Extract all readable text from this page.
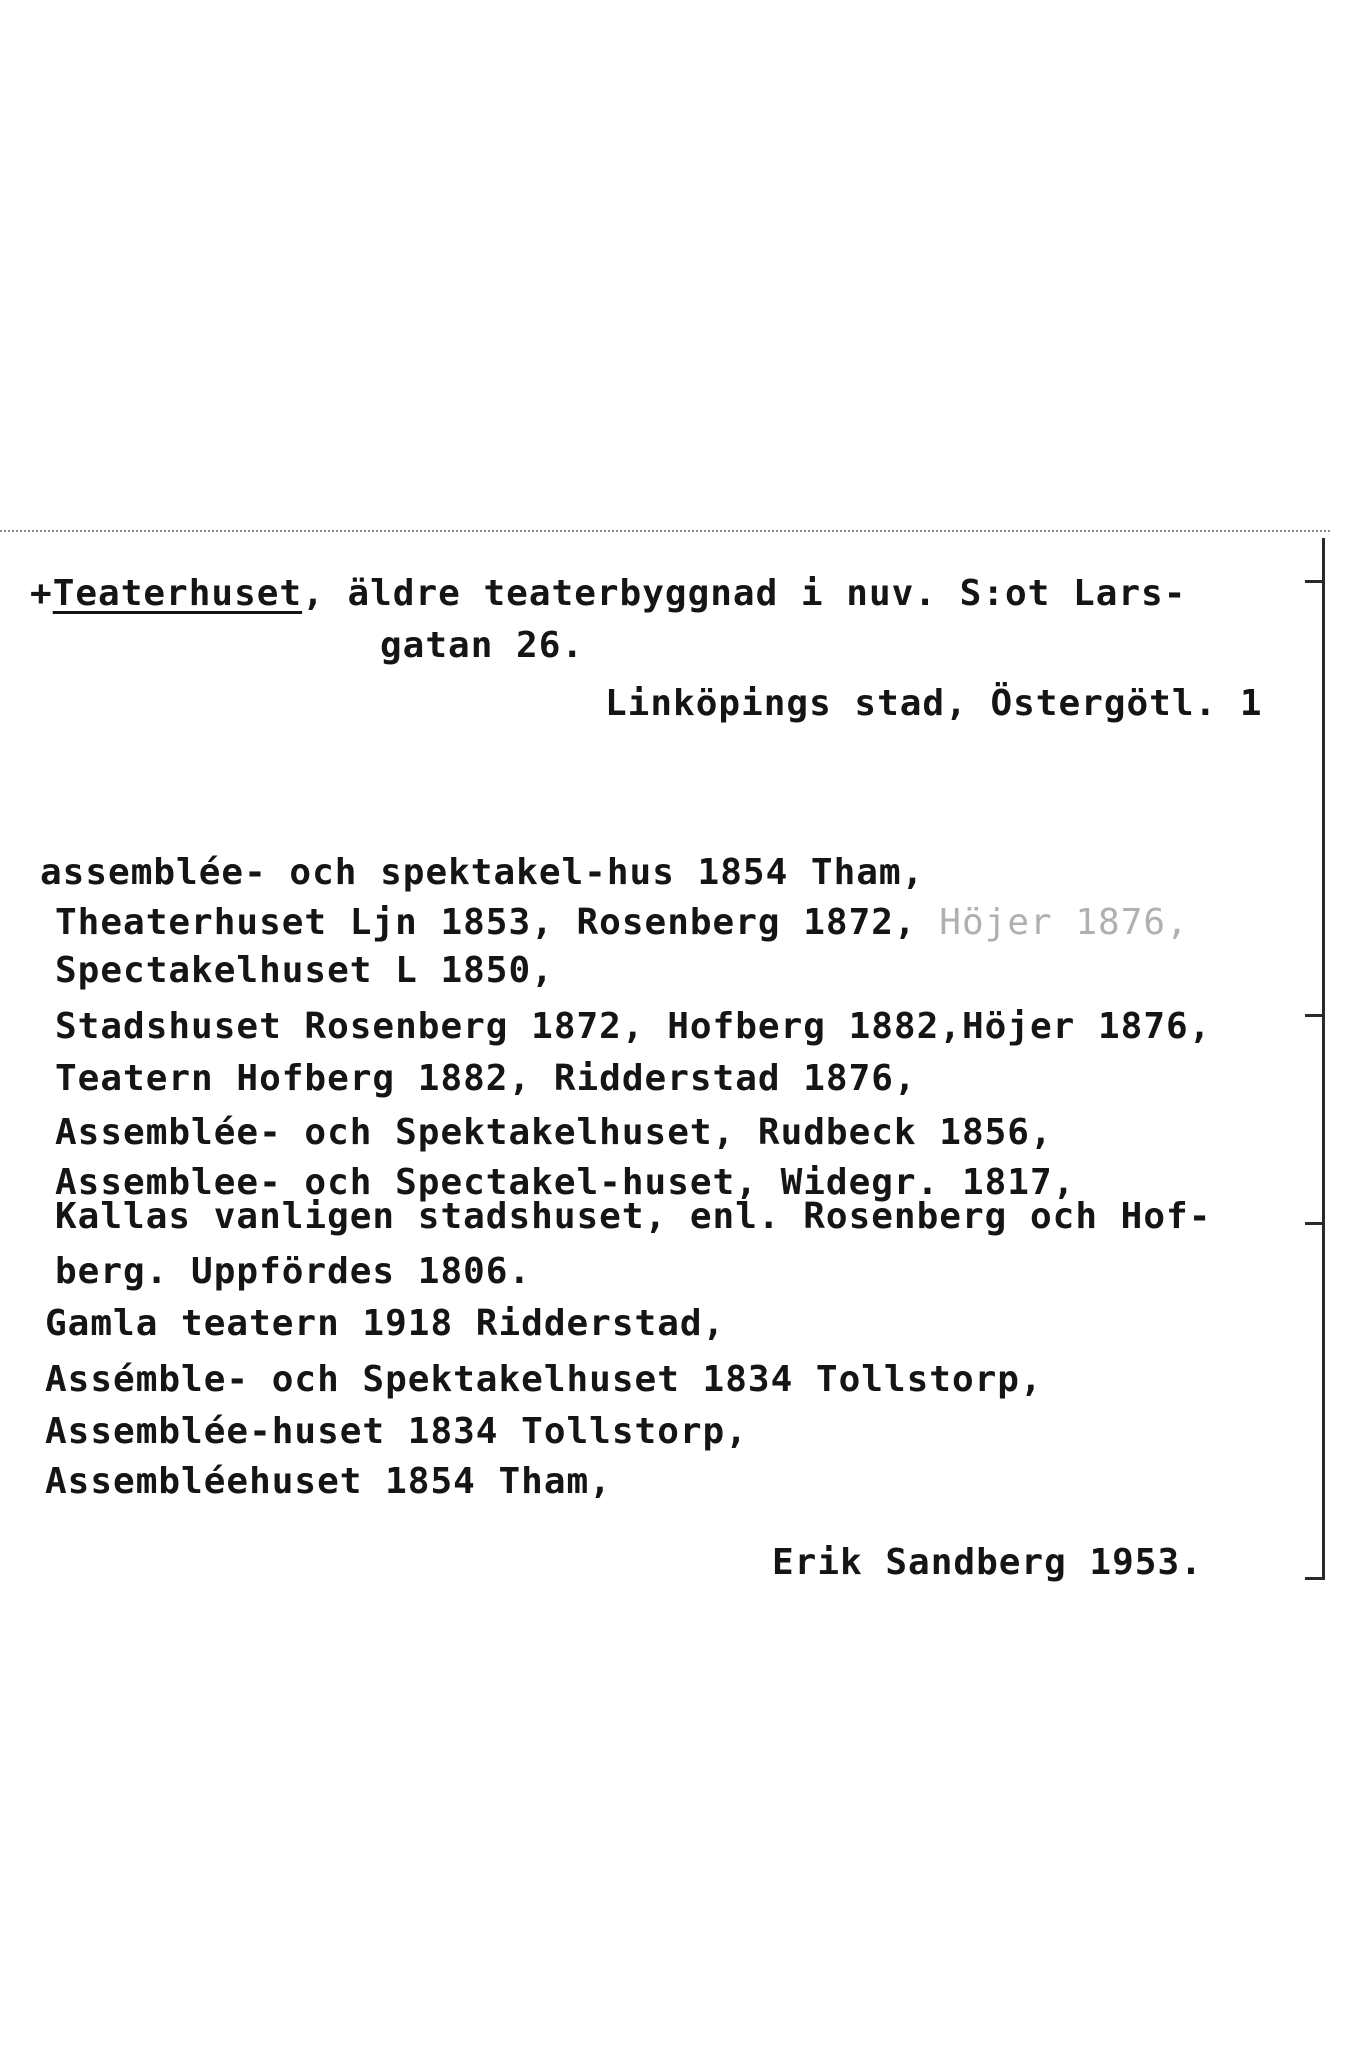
+Teaterhuset, äldre teaterbyggnad i nuv. S:ot Lars-
gatan 26.
Linköpings stad, Östergötl. 1
assemblée- och spektakel-hus 1854 Tham,
Theaterhuset Ljn 1853, Rosenberg 1872, Höjer 1876,
Spectakelhuset L 1850,
Stadshuset Rosenberg 1872, Hofberg 1882,Höjer 1876,
Teatern Hofberg 1882, Ridderstad 1876,
Assemblée- och Spektakelhuset, Rudbeck 1856,
Assemblee- och Spectakel-huset, Widegr. 1817,
Kallas vanligen stadshuset, enl. Rosenberg och Hof-
berg. Uppfördes 1806.
Gamla teatern 1918 Ridderstad,
Assémble- och Spektakelhuset 1834 Tollstorp,
Assemblée-huset 1834 Tollstorp,
Assembléehuset 1854 Tham,
Erik Sandberg 1953.
